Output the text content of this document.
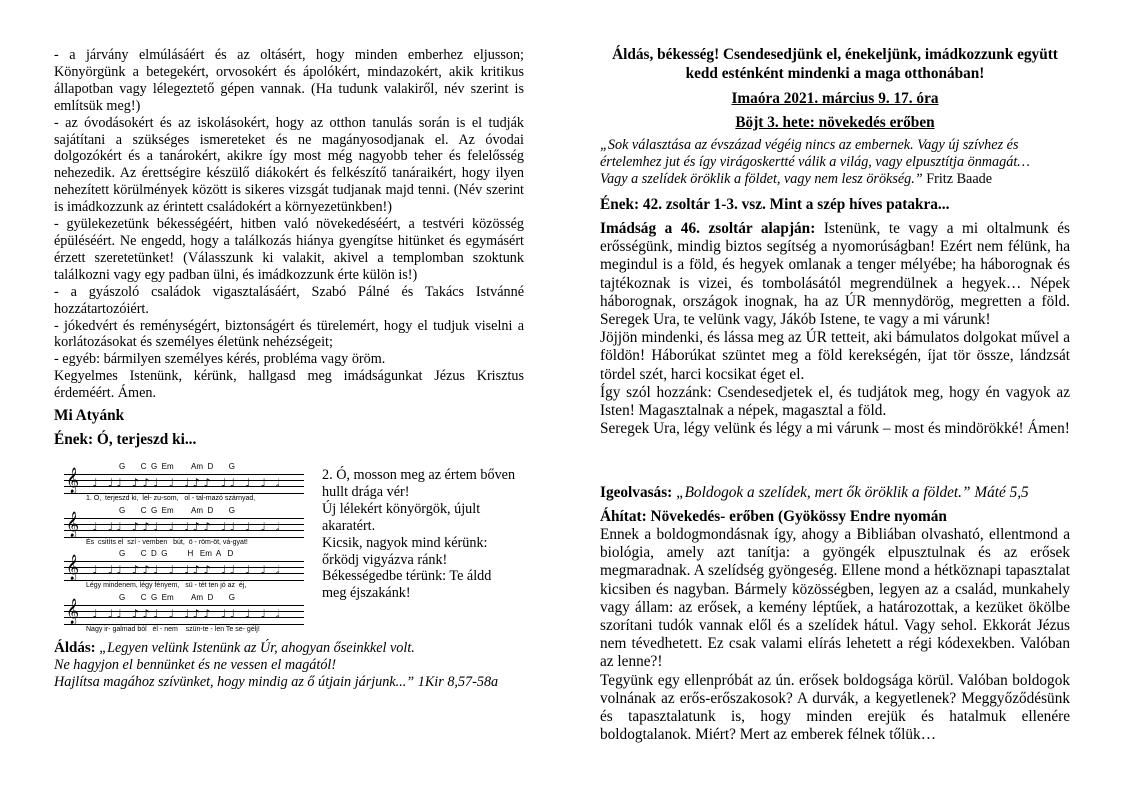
- a járvány elmúlásáért és az oltásért, hogy minden emberhez eljusson; Könyörgünk a betegekért, orvosokért és ápolókért, mindazokért, akik kritikus állapotban vagy lélegeztető gépen vannak. (Ha tudunk valakiről, név szerint is említsük meg!)

- az óvodásokért és az iskolásokért, hogy az otthon tanulás során is el tudják sajátítani a szükséges ismereteket és ne magányosodjanak el. Az óvodai dolgozókért és a tanárokért, akikre így most még nagyobb teher és felelősség nehezedik. Az érettségire készülő diákokért és felkészítő tanáraikért, hogy ilyen nehezített körülmények között is sikeres vizsgát tudjanak majd tenni. (Név szerint is imádkozzunk az érintett családokért a környezetünkben!)

- gyülekezetünk békességéért, hitben való növekedéséért, a testvéri közösség épüléséért. Ne engedd, hogy a találkozás hiánya gyengítse hitünket és egymásért érzett szeretetünket! (Válasszunk ki valakit, akivel a templomban szoktunk találkozni vagy egy padban ülni, és imádkozzunk érte külön is!)

- a gyászoló családok vigasztalásáért, Szabó Pálné és Takács Istvánné hozzátartozóiért.

- jókedvért és reménységért, biztonságért és türelemért, hogy el tudjuk viselni a korlátozásokat és személyes életünk nehézségeit;

- egyéb: bármilyen személyes kérés, probléma vagy öröm.

Kegyelmes Istenünk, kérünk, hallgasd meg imádságunkat Jézus Krisztus érdeméért. Ámen.

Mi Atyánk

Ének: Ó, terjeszd ki...

G       C  G  Em        Am  D       G
𝄞 ♩ ♩♩ ♪♪♩ ♩ ♩♪♪ ♩♩ ♩ ♩ 𝅗𝅥
1. Ó,  terjeszd ki,  lel- zu-som,   ol - tal-mazó szárnyad,
G       C  G  Em        Am  D       G
𝄞 ♩ ♩♩ ♪♪♩ ♩ ♩♪♪ ♩♩ ♩ ♩ 𝅗𝅥
És  csitíts el  szí - vemben   bút,  ö - röm-öt, vá-gyat!
G       C  D  G         H   Em  A   D
𝄞 ♩ ♩♩ ♪♪♩ ♩ ♩♪♪ ♩♩ ♩ ♩ 𝅗𝅥
Légy mindenem, légy fényem,   sü - tét ten jó az  éj,
G       C  G  Em        Am  D       G
𝄞 ♩ ♩♩ ♪♪♩ ♩ ♩♪♪ ♩♩ ♩ ♩ 𝅗𝅥
Nagy ir- galmad ból   él - nem    szün-te - len Te se- gélj!

2. Ó, mosson meg az értem bőven

hullt drága vér!

Új lélekért könyörgök, újult

akaratért.

Kicsik, nagyok mind kérünk:

őrködj vigyázva ránk!

Békességedbe térünk: Te áldd

meg éjszakánk!

Áldás: „Legyen velünk Istenünk az Úr, ahogyan őseinkkel volt.

Ne hagyjon el bennünket és ne vessen el magától!

Hajlítsa magához szívünket, hogy mindig az ő útjain járjunk...” 1Kir 8,57-58a

Áldás, békesség! Csendesedjünk el, énekeljünk, imádkozzunk együtt

kedd esténként mindenki a maga otthonában!

Imaóra 2021. március 9. 17. óra

Böjt 3. hete: növekedés erőben

„Sok választása az évszázad végéig nincs az embernek. Vagy új szívhez és értelemhez jut és így virágoskertté válik a világ, vagy elpusztítja önmagát… Vagy a szelídek öröklik a földet, vagy nem lesz örökség.” Fritz Baade

Ének: 42. zsoltár 1-3. vsz. Mint a szép híves patakra...

Imádság a 46. zsoltár alapján: Istenünk, te vagy a mi oltalmunk és erősségünk, mindig biztos segítség a nyomorúságban! Ezért nem félünk, ha megindul is a föld, és hegyek omlanak a tenger mélyébe; ha háborognak és tajtékoznak is vizei, és tombolásától megrendülnek a hegyek… Népek háborognak, országok inognak, ha az ÚR mennydörög, megretten a föld. Seregek Ura, te velünk vagy, Jákób Istene, te vagy a mi várunk!

Jöjjön mindenki, és lássa meg az ÚR tetteit, aki bámulatos dolgokat művel a földön! Háborúkat szüntet meg a föld kerekségén, íjat tör össze, lándzsát tördel szét, harci kocsikat éget el.

Így szól hozzánk: Csendesedjetek el, és tudjátok meg, hogy én vagyok az Isten! Magasztalnak a népek, magasztal a föld.

Seregek Ura, légy velünk és légy a mi várunk – most és mindörökké! Ámen!

Igeolvasás: „Boldogok a szelídek, mert ők öröklik a földet.” Máté 5,5

Áhítat: Növekedés- erőben (Gyökössy Endre nyomán

Ennek a boldogmondásnak így, ahogy a Bibliában olvasható, ellentmond a biológia, amely azt tanítja: a gyöngék elpusztulnak és az erősek megmaradnak. A szelídség gyöngeség. Ellene mond a hétköznapi tapasztalat kicsiben és nagyban. Bármely közösségben, legyen az a család, munkahely vagy állam: az erősek, a kemény léptűek, a határozottak, a kezüket ökölbe szorítani tudók vannak elől és a szelídek hátul. Vagy sehol. Ekkorát Jézus nem tévedhetett. Ez csak valami elírás lehetett a régi kódexekben. Valóban az lenne?!

Tegyünk egy ellenpróbát az ún. erősek boldogsága körül. Valóban boldogok volnának az erős-erőszakosok? A durvák, a kegyetlenek? Meggyőződésünk és tapasztalatunk is, hogy minden erejük és hatalmuk ellenére boldogtalanok. Miért? Mert az emberek félnek tőlük…
